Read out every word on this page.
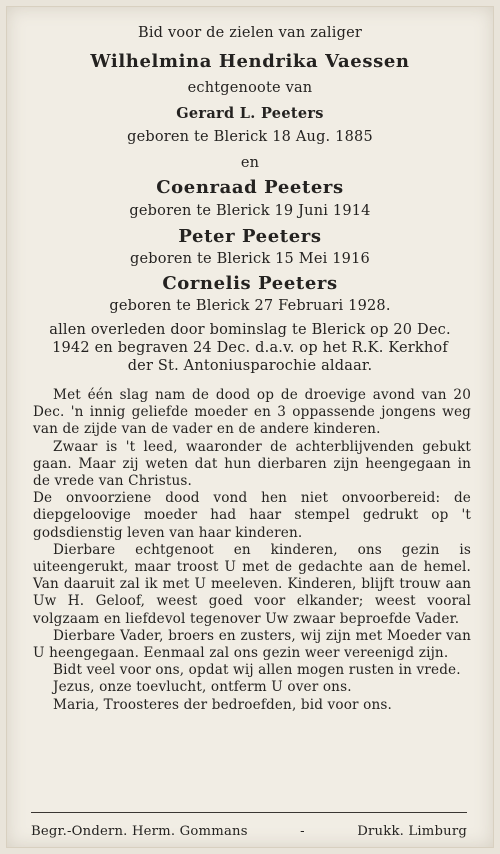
Bid voor de zielen van zaliger
Wilhelmina Hendrika Vaessen
echtgenoote van
Gerard L. Peeters
geboren te Blerick 18 Aug. 1885
en
Coenraad Peeters
geboren te Blerick 19 Juni 1914
Peter Peeters
geboren te Blerick 15 Mei 1916
Cornelis Peeters
geboren te Blerick 27 Februari 1928.
allen overleden door bominslag te Blerick op 20 Dec.
1942 en begraven 24 Dec. d.a.v. op het R.K. Kerkhof
der St. Antoniusparochie aldaar.

Met één slag nam de dood op de droevige avond van 20 Dec. 'n innig geliefde moeder en 3 oppassende jongens weg van de zijde van de vader en de andere kinderen.

Zwaar is 't leed, waaronder de achterblijvenden gebukt gaan. Maar zij weten dat hun dierbaren zijn heengegaan in de vrede van Christus.

De onvoorziene dood vond hen niet onvoorbereid: de diepgeloovige moeder had haar stempel gedrukt op 't godsdienstig leven van haar kinderen.

Dierbare echtgenoot en kinderen, ons gezin is uiteengerukt, maar troost U met de gedachte aan de hemel. Van daaruit zal ik met U meeleven. Kinderen, blijft trouw aan Uw H. Geloof, weest goed voor elkander; weest vooral volgzaam en liefdevol tegenover Uw zwaar beproefde Vader.

Dierbare Vader, broers en zusters, wij zijn met Moeder van U heengegaan. Eenmaal zal ons gezin weer vereenigd zijn.

Bidt veel voor ons, opdat wij allen mogen rusten in vrede.

Jezus, onze toevlucht, ontferm U over ons.

Maria, Troosteres der bedroefden, bid voor ons.

Begr.-Ondern. Herm. Gommans	-	Drukk. Limburg
